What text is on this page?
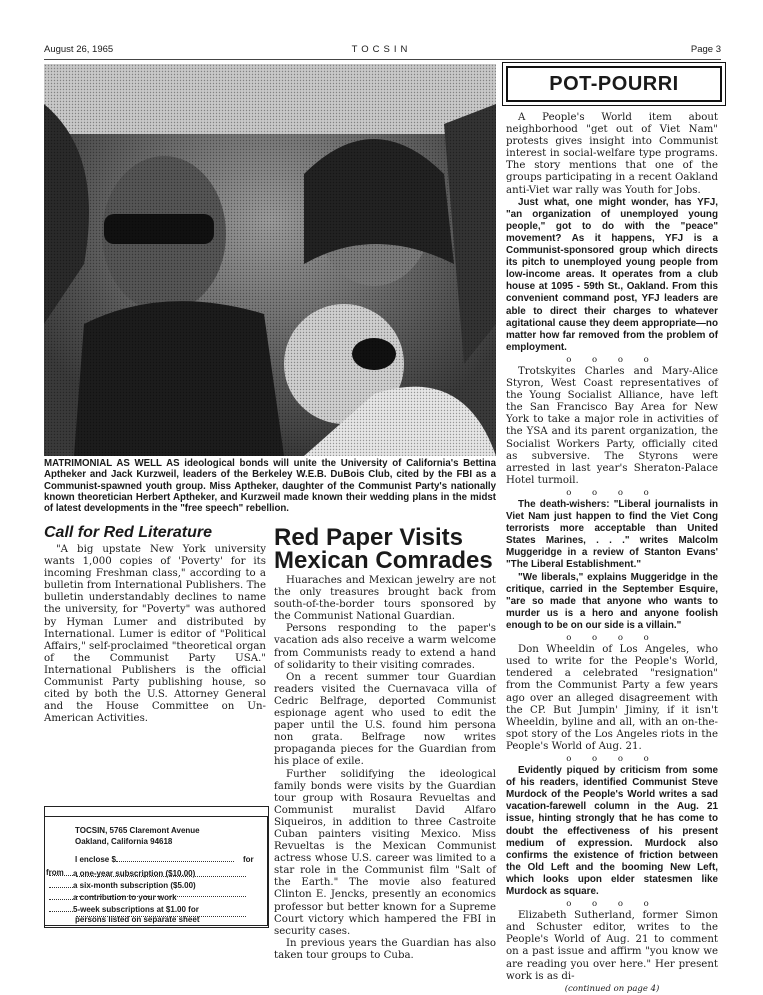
August 26, 1965	TOCSIN	Page 3
MATRIMONIAL AS WELL AS ideological bonds will unite the University of California's Bettina Aptheker and Jack Kurzweil, leaders of the Berkeley W.E.B. DuBois Club, cited by the FBI as a Communist-spawned youth group. Miss Aptheker, daughter of the Communist Party's nationally known theoretician Herbert Aptheker, and Kurzweil made known their wedding plans in the midst of latest developments in the "free speech" rebellion.
Call for Red Literature

"A big upstate New York university wants 1,000 copies of 'Poverty' for its incoming Freshman class," according to a bulletin from International Publishers. The bulletin understandably declines to name the university, for "Poverty" was authored by Hyman Lumer and distributed by International. Lumer is editor of "Political Affairs," self-proclaimed "theoretical organ of the Communist Party USA." International Publishers is the official Communist Party publishing house, so cited by both the U.S. Attorney General and the House Committee on Un-American Activities.

TOCSIN, 5765 Claremont Avenue
Oakland, California 94618
I enclose $	for
a one-year subscription ($10.00)
a six-month subscription ($5.00)
a contribution to your work
5-week subscriptions at $1.00 for
persons listed on separate sheet
from
Red Paper Visits
Mexican Comrades

Huaraches and Mexican jewelry are not the only treasures brought back from south-of-the-border tours sponsored by the Communist National Guardian.

Persons responding to the paper's vacation ads also receive a warm welcome from Communists ready to extend a hand of solidarity to their visiting comrades.

On a recent summer tour Guardian readers visited the Cuernavaca villa of Cedric Belfrage, deported Communist espionage agent who used to edit the paper until the U.S. found him persona non grata. Belfrage now writes propaganda pieces for the Guardian from his place of exile.

Further solidifying the ideological family bonds were visits by the Guardian tour group with Rosaura Revueltas and Communist muralist David Alfaro Siqueiros, in addition to three Castroite Cuban painters visiting Mexico. Miss Revueltas is the Mexican Communist actress whose U.S. career was limited to a star role in the Communist film "Salt of the Earth." The movie also featured Clinton E. Jencks, presently an economics professor but better known for a Supreme Court victory which hampered the FBI in security cases.

In previous years the Guardian has also taken tour groups to Cuba.

POT-POURRI

A People's World item about neighborhood "get out of Viet Nam" protests gives insight into Communist interest in social-welfare type programs. The story mentions that one of the groups participating in a recent Oakland anti-Viet war rally was Youth for Jobs.

Just what, one might wonder, has YFJ, "an organization of unemployed young people," got to do with the "peace" movement? As it happens, YFJ is a Communist-sponsored group which directs its pitch to unemployed young people from low-income areas. It operates from a club house at 1095 - 59th St., Oakland. From this convenient command post, YFJ leaders are able to direct their charges to whatever agitational cause they deem appropriate—no matter how far removed from the problem of employment.

o o o o

Trotskyites Charles and Mary-Alice Styron, West Coast representatives of the Young Socialist Alliance, have left the San Francisco Bay Area for New York to take a major role in activities of the YSA and its parent organization, the Socialist Workers Party, officially cited as subversive. The Styrons were arrested in last year's Sheraton-Palace Hotel turmoil.

o o o o

The death-wishers: "Liberal journalists in Viet Nam just happen to find the Viet Cong terrorists more acceptable than United States Marines, . . ." writes Malcolm Muggeridge in a review of Stanton Evans' "The Liberal Establishment."

"We liberals," explains Muggeridge in the critique, carried in the September Esquire, "are so made that anyone who wants to murder us is a hero and anyone foolish enough to be on our side is a villain."

o o o o

Don Wheeldin of Los Angeles, who used to write for the People's World, tendered a celebrated "resignation" from the Communist Party a few years ago over an alleged disagreement with the CP. But Jumpin' Jiminy, if it isn't Wheeldin, byline and all, with an on-the-spot story of the Los Angeles riots in the People's World of Aug. 21.

o o o o

Evidently piqued by criticism from some of his readers, identified Communist Steve Murdock of the People's World writes a sad vacation-farewell column in the Aug. 21 issue, hinting strongly that he has come to doubt the effectiveness of his present medium of expression. Murdock also confirms the existence of friction between the Old Left and the booming New Left, which looks upon elder statesmen like Murdock as square.

o o o o

Elizabeth Sutherland, former Simon and Schuster editor, writes to the People's World of Aug. 21 to comment on a past issue and affirm "you know we are reading you over here." Her present work is as di-

(continued on page 4)
